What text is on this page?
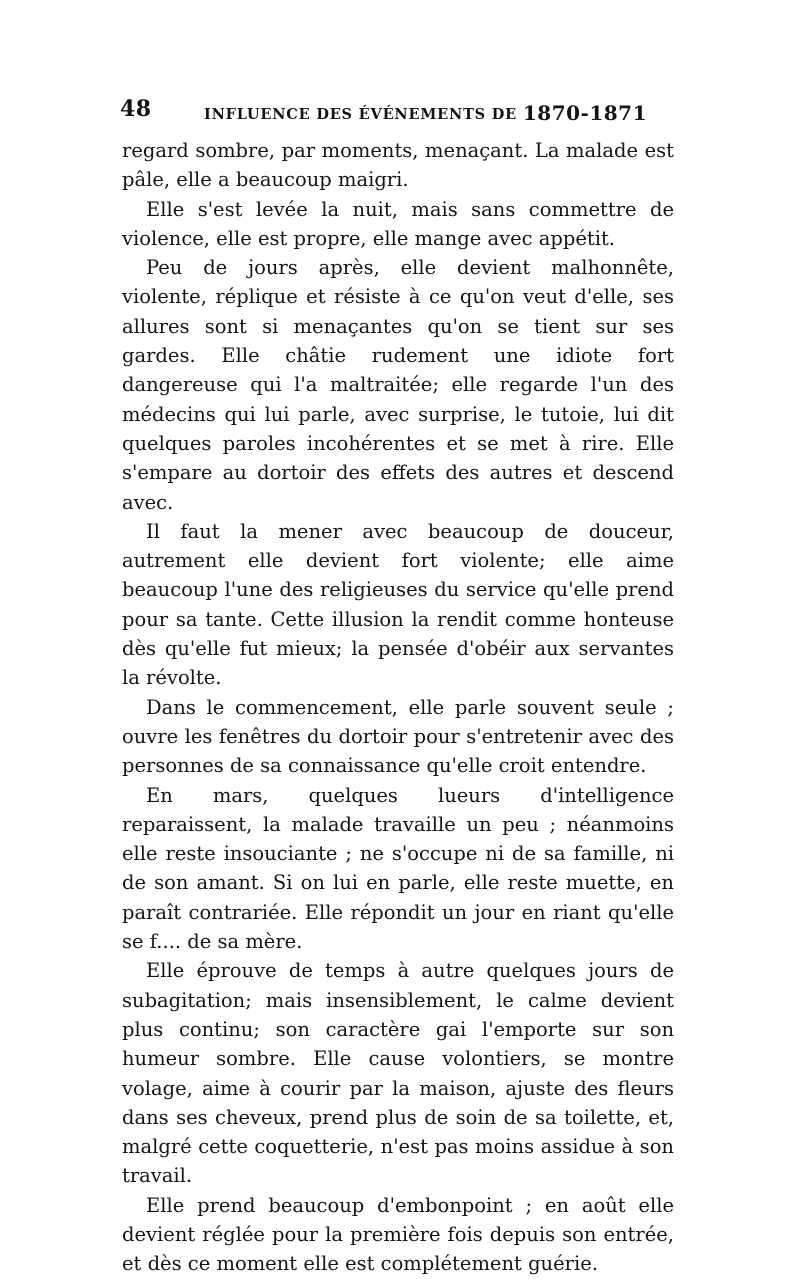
48	INFLUENCE DES ÉVÉNEMENTS DE 1870-1871

regard sombre, par moments, menaçant. La malade est pâle, elle a beaucoup maigri.

Elle s'est levée la nuit, mais sans commettre de violence, elle est propre, elle mange avec appétit.

Peu de jours après, elle devient malhonnête, violente, réplique et résiste à ce qu'on veut d'elle, ses allures sont si menaçantes qu'on se tient sur ses gardes. Elle châtie rudement une idiote fort dangereuse qui l'a maltraitée; elle regarde l'un des médecins qui lui parle, avec surprise, le tutoie, lui dit quelques paroles incohérentes et se met à rire. Elle s'empare au dortoir des effets des autres et descend avec.

Il faut la mener avec beaucoup de douceur, autrement elle devient fort violente; elle aime beaucoup l'une des religieuses du service qu'elle prend pour sa tante. Cette illusion la rendit comme honteuse dès qu'elle fut mieux; la pensée d'obéir aux servantes la révolte.

Dans le commencement, elle parle souvent seule ; ouvre les fenêtres du dortoir pour s'entretenir avec des personnes de sa connaissance qu'elle croit entendre.

En mars, quelques lueurs d'intelligence reparaissent, la malade travaille un peu ; néanmoins elle reste insouciante ; ne s'occupe ni de sa famille, ni de son amant. Si on lui en parle, elle reste muette, en paraît contrariée. Elle répondit un jour en riant qu'elle se f.... de sa mère.

Elle éprouve de temps à autre quelques jours de subagitation; mais insensiblement, le calme devient plus continu; son caractère gai l'emporte sur son humeur sombre. Elle cause volontiers, se montre volage, aime à courir par la maison, ajuste des fleurs dans ses cheveux, prend plus de soin de sa toilette, et, malgré cette coquetterie, n'est pas moins assidue à son travail.

Elle prend beaucoup d'embonpoint ; en août elle devient réglée pour la première fois depuis son entrée, et dès ce moment elle est complétement guérie.
